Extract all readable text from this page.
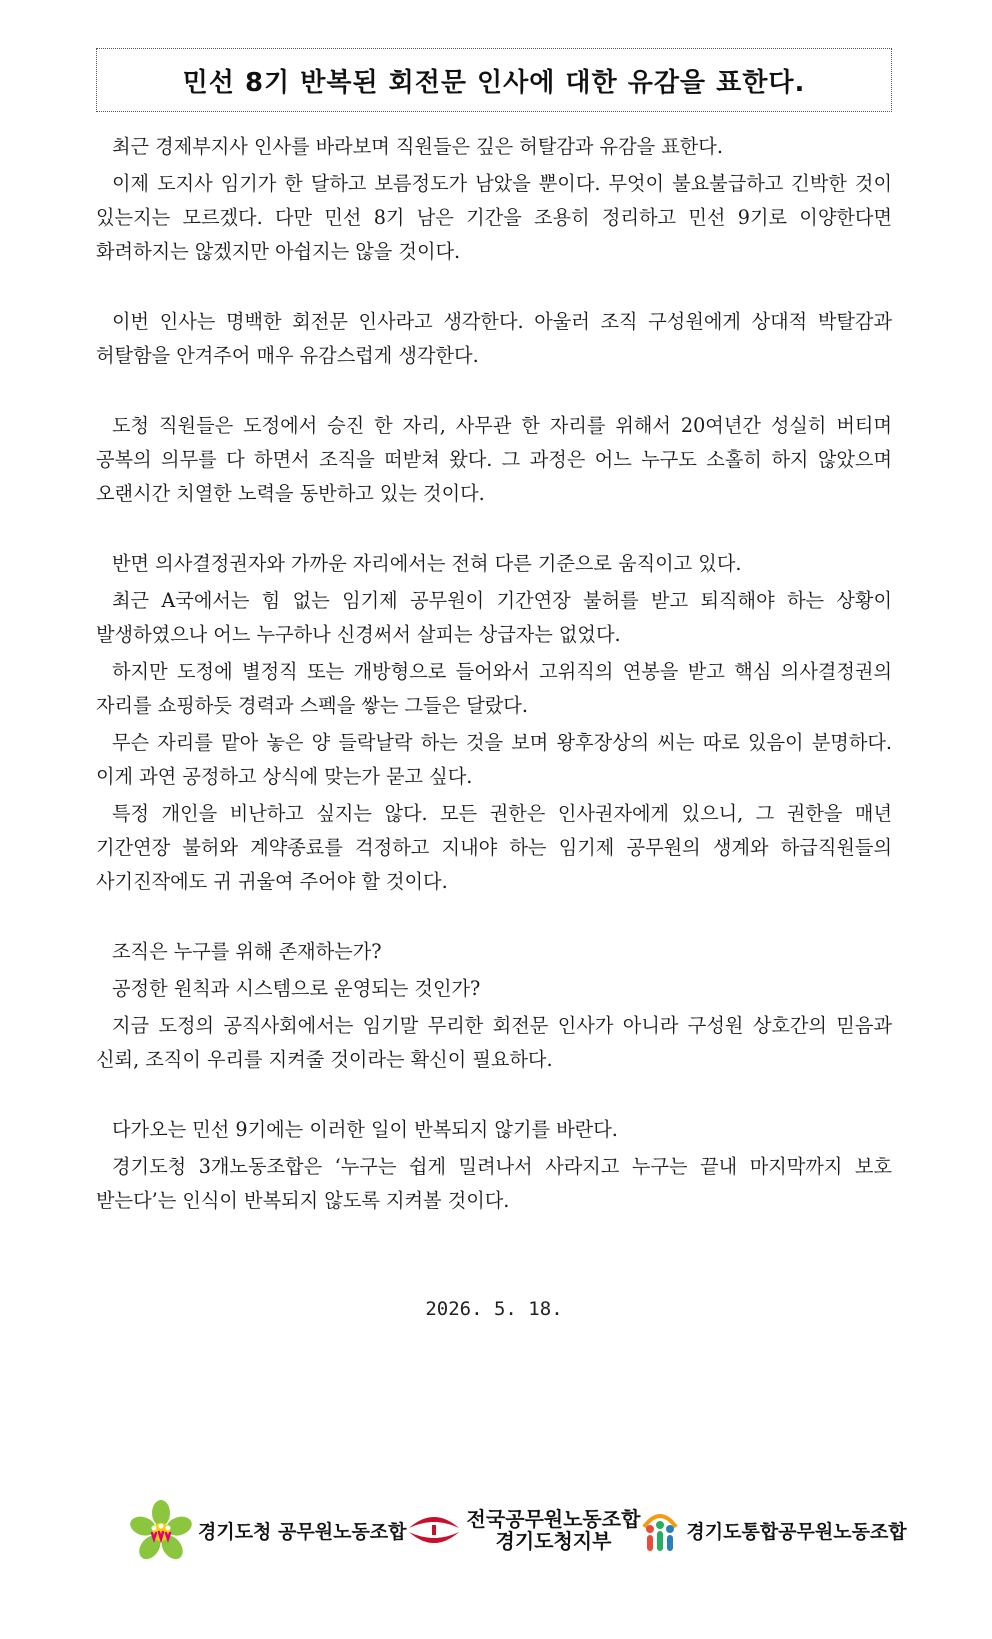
민선 8기 반복된 회전문 인사에 대한 유감을 표한다.

최근 경제부지사 인사를 바라보며 직원들은 깊은 허탈감과 유감을 표한다.

이제 도지사 임기가 한 달하고 보름정도가 남았을 뿐이다. 무엇이 불요불급하고 긴박한 것이 있는지는 모르겠다. 다만 민선 8기 남은 기간을 조용히 정리하고 민선 9기로 이양한다면 화려하지는 않겠지만 아쉽지는 않을 것이다.

이번 인사는 명백한 회전문 인사라고 생각한다. 아울러 조직 구성원에게 상대적 박탈감과 허탈함을 안겨주어 매우 유감스럽게 생각한다.

도청 직원들은 도정에서 승진 한 자리, 사무관 한 자리를 위해서 20여년간 성실히 버티며 공복의 의무를 다 하면서 조직을 떠받쳐 왔다. 그 과정은 어느 누구도 소홀히 하지 않았으며 오랜시간 치열한 노력을 동반하고 있는 것이다.

반면 의사결정권자와 가까운 자리에서는 전혀 다른 기준으로 움직이고 있다.

최근 A국에서는 힘 없는 임기제 공무원이 기간연장 불허를 받고 퇴직해야 하는 상황이 발생하였으나 어느 누구하나 신경써서 살피는 상급자는 없었다.

하지만 도정에 별정직 또는 개방형으로 들어와서 고위직의 연봉을 받고 핵심 의사결정권의 자리를 쇼핑하듯 경력과 스펙을 쌓는 그들은 달랐다.

무슨 자리를 맡아 놓은 양 들락날락 하는 것을 보며 왕후장상의 씨는 따로 있음이 분명하다. 이게 과연 공정하고 상식에 맞는가 묻고 싶다.

특정 개인을 비난하고 싶지는 않다. 모든 권한은 인사권자에게 있으니, 그 권한을 매년 기간연장 불허와 계약종료를 걱정하고 지내야 하는 임기제 공무원의 생계와 하급직원들의 사기진작에도 귀 귀울여 주어야 할 것이다.

조직은 누구를 위해 존재하는가?

공정한 원칙과 시스템으로 운영되는 것인가?

지금 도정의 공직사회에서는 임기말 무리한 회전문 인사가 아니라 구성원 상호간의 믿음과 신뢰, 조직이 우리를 지켜줄 것이라는 확신이 필요하다.

다가오는 민선 9기에는 이러한 일이 반복되지 않기를 바란다.

경기도청 3개노동조합은 ‘누구는 쉽게 밀려나서 사라지고 누구는 끝내 마지막까지 보호 받는다’는 인식이 반복되지 않도록 지켜볼 것이다.

2026. 5. 18.
경기도청 공무원노동조합
전국공무원노동조합
경기도청지부	경기도통합공무원노동조합
